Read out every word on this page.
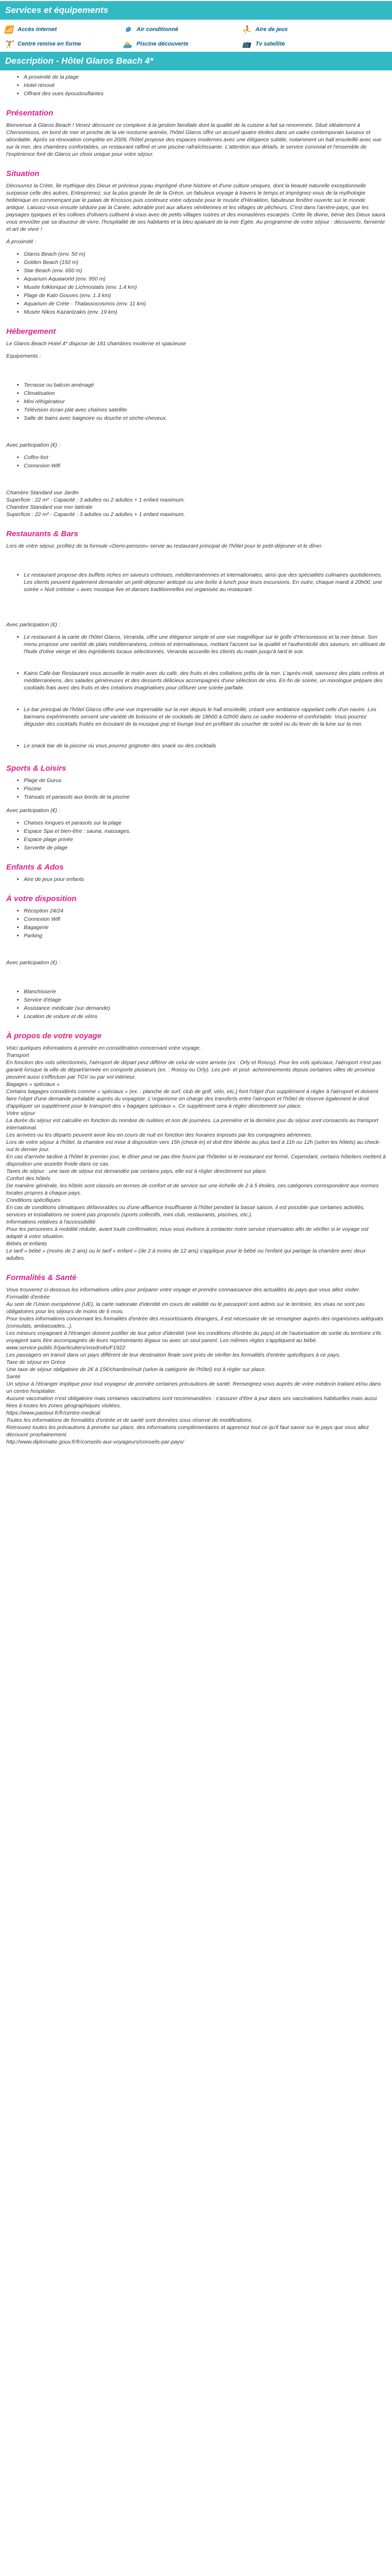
Services et équipements
📶 Accès internet	❄ Air conditionné	⛹ Aire de jeux
🏋 Centre remise en forme	🏊 Piscine découverte	📺 Tv satellite
Description - Hôtel Glaros Beach 4*
• A proximité de la plage
• Hotel rénové
• Offrant des vues époustouflantes
Présentation

Bienvenue à Glaros Beach ! Venez découvrir ce complexe à la gestion familiale dont la qualité de la cuisine a fait sa renommée. Situé idéalement à Chersonissos, en bord de mer et proche de la vie nocturne animée, l'hôtel Glaros offre un accueil quatre étoiles dans un cadre contemporain luxueux et abordable. Après sa rénovation complète en 2009, l'hôtel propose des espaces modernes avec une élégance subtile, notamment un hall ensoleillé avec vue sur la mer, des chambres confortables, un restaurant raffiné et une piscine rafraîchissante. L'attention aux détails, le service convivial et l'ensemble de l'expérience font de Glaros un choix unique pour votre séjour.

Situation

Découvrez la Crète, île mythique des Dieux et précieux joyau imprégné d'une histoire et d'une culture uniques, dont la beauté naturelle exceptionnelle surpasse celle des autres. Entreprenez, sur la plus grande île de la Grèce, un fabuleux voyage à travers le temps et imprégnez-vous de la mythologie hellénique en commençant par le palais de Knossos puis continuez votre odyssée pour le musée d'Héraklion, fabuleuse fenêtre ouverte sur le monde antique. Laissez-vous ensuite séduire par la Canée, adorable port aux allures vénitiennes et les villages de pêcheurs. C'est dans l'arrière-pays, que les paysages typiques et les collines d'oliviers cultivent à vous avec de petits villages rustres et des monastères escarpés. Cette île divine, bénie des Dieux saura vous envoûter par sa douceur de vivre, l'hospitalité de ses habitants et la bleu apaisant de la mer Égée. Au programme de votre séjour : découverte, farniente et art de vivre !

À proximité :

• Glaros Beach (env. 50 m)
• Golden Beach (150 m)
• Star Beach (env. 650 m)
• Aquarium Aquaworld (env. 950 m)
• Musée folklorique de Lichnostatis (env. 1.4 km)
• Plage de Kato Gouves (env. 1.3 km)
• Aquarium de Crète - Thalassocosmos (env. 11 km)
• Musée Nikos Kazantzakis (env. 19 km)
Hébergement

Le Glaros Beach Hotel 4* dispose de 181 chambres moderne et spacieuse

Equipements :

• Terrasse ou balcon aménagé
• Climatisation
• Mini réfrigérateur
• Télévision écran plat avec chaînes satellite
• Salle de bains avec baignoire ou douche et sèche-cheveux.

Avec participation (€) :

• Coffre-fort
• Connexion Wifi

Chambre Standard vue Jardin

Superficie : 22 m² - Capacité : 3 adultes ou 2 adultes + 1 enfant maximum.

Chambre Standard vue mer latérale

Superficie : 22 m² - Capacité : 3 adultes ou 2 adultes + 1 enfant maximum.

Restaurants & Bars

Lors de votre séjour, profitez de la formule «Demi-pension» servie au restaurant principal de l'hôtel pour le petit-déjeuner et le dîner.

• Le restaurant propose des buffets riches en saveurs crétoises, méditerranéennes et internationales, ainsi que des spécialités culinaires quotidiennes. Les clients peuvent également demander un petit-déjeuner anticipé ou une boîte à lunch pour leurs excursions. En outre, chaque mardi à 20h00, une soirée « Nuit crétoise » avec musique live et danses traditionnelles est organisée au restaurant.

Avec participation (€) :

• Le restaurant à la carte de l'hôtel Glaros, Veranda, offre une élégance simple et une vue magnifique sur le golfe d'Hersonissos et la mer bleue. Son menu propose une variété de plats méditerranéens, crétois et internationaux, mettant l'accent sur la qualité et l'authenticité des saveurs, en utilisant de l'huile d'olive vierge et des ingrédients locaux sélectionnés. Veranda accueille les clients du matin jusqu'à tard le soir.
• Kairoi Café-bar Restaurant vous accueille le matin avec du café, des fruits et des collations prêts de la mer. L'après-midi, savourez des plats crétois et méditerranéens, des salades généreuses et des desserts délicieux accompagnés d'une sélection de vins. En fin de soirée, un mixologue prépare des cocktails frais avec des fruits et des créations imaginatives pour clôturer une soirée parfaite.
• Le bar principal de l'hôtel Glaros offre une vue imprenable sur la mer depuis le hall ensoleillé, créant une ambiance rappelant celle d'un navire. Les barmans expérimentés servent une variété de boissons et de cocktails de 18h00 à 02h00 dans ce cadre moderne et confortable. Vous pourrez déguster des cocktails fruités en écoutant de la musique pop et lounge tout en profitant du coucher de soleil ou du lever de la lune sur la mer.
• Le snack bar de la piscine où vous pourrez grignoter des snack ou des cocktails
Sports & Loisirs
• Plage de Gurus
• Piscine
• Transats et parasols aux bords de la piscine

Avec participation (€) :

• Chaises longues et parasols sur la plage
• Espace Spa et bien-être : sauna, massages.
• Espace plage privée
• Serviette de plage
Enfants & Ados
• Aire de jeux pour enfants
À votre disposition
• Réception 24/24
• Connexion Wifi
• Bagagerie
• Parking

Avec participation (€) :

• Blanchisserie
• Service d'étage
• Assistance médicale (sur demande)
• Location de voiture et de vélos
À propos de votre voyage

Voici quelques informations à prendre en considération concernant votre voyage.

Transport

En fonction des vols sélectionnés, l'aéroport de départ peut différer de celui de votre arrivée (ex : Orly et Roissy). Pour les vols spéciaux, l'aéroport n'est pas garanti lorsque la ville de départ/arrivée en comporte plusieurs (ex. : Roissy ou Orly). Les pré- et post- acheminements depuis certaines villes de province peuvent aussi s'effectuer par TGV ou par vol intérieur.

Bagages « spéciaux »

Certains bagages considérés comme « spéciaux » (ex. : planche de surf, club de golf, vélo, etc.) font l'objet d'un supplément à régler à l'aéroport et doivent faire l'objet d'une demande préalable auprès du voyagiste. L'organisme en charge des transferts entre l'aéroport et l'hôtel de réserve également le droit d'appliquer un supplément pour le transport des « bagages spéciaux ». Ce supplément sera à régler directement sur place.

Votre séjour

La durée du séjour est calculée en fonction du nombre de nuitées et non de journées. La première et la dernière jour du séjour sont consacrés au transport international.

Les arrivées ou les départs peuvent avoir lieu en cours de nuit en fonction des horaires imposés par les compagnies aériennes.

Lors de votre séjour à l'hôtel, la chambre est mise à disposition vers 15h (check-in) et doit être libérée au plus tard à 11h ou 12h (selon les hôtels) au check-out le dernier jour.

En cas d'arrivée tardive à l'hôtel le premier jour, le dîner peut ne pas être fourni par l'hôtelier si le restaurant est fermé. Cependant, certains hôteliers mettent à disposition une assiette froide dans ce cas.

Taxes de séjour : une taxe de séjour est demandée par certains pays, elle est à régler directement sur place.

Confort des hôtels

De manière générale, les hôtels sont classés en termes de confort et de service sur une échelle de 2 à 5 étoiles, ces catégories correspondent aux normes locales propres à chaque pays.

Conditions spécifiques

En cas de conditions climatiques défavorables ou d'une affluence insuffisante à l'hôtel pendant la basse saison, il est possible que certaines activités, services et installations ne soient pas proposés (sports collectifs, mini club, restaurants, piscines, etc.).

Informations relatives à l'accessibilité

Pour les personnes à mobilité réduite, avant toute confirmation, nous vous invitons à contacter notre service réservation afin de vérifier si le voyage est adapté à votre situation.

Bébés et enfants

Le tarif « bébé » (moins de 2 ans) ou le tarif « enfant » (de 2 à moins de 12 ans) s'applique pour le bébé ou l'enfant qui partage la chambre avec deux adultes.

Formalités & Santé

Vous trouverez ci-dessous les informations utiles pour préparer votre voyage et prendre connaissance des actualités du pays que vous allez visiter.

Formalité d'entrée

Au sein de l'Union européenne (UE), la carte nationale d'identité en cours de validité ou le passeport sont admis sur le territoire, les visas ne sont pas obligatoires pour les séjours de moins de 6 mois.

Pour toutes informations concernant les formalités d'entrée des ressortissants étrangers, il est nécessaire de se renseigner auprès des organismes adéquats (consulats, ambassades...).

Les mineurs voyageant à l'étranger doivent justifier de leur pièce d'identité (voir les conditions d'entrée du pays) et de l'autorisation de sortie du territoire s'ils voyagent sans être accompagnés de leurs représentants légaux ou avec un seul parent. Les mêmes règles s'appliquent au bébé.

www.service-public.fr/particuliers/vosdroits/F1922

Les passagers en transit dans un pays différent de leur destination finale sont priés de vérifier les formalités d'entrée spécifiques à ce pays.

Taxe de séjour en Grèce

Une taxe de séjour obligatoire de 2€ à 15€/chambre/nuit (selon la catégorie de l'hôtel) est à régler sur place.

Santé

Un séjour à l'étranger implique pour tout voyageur de prendre certaines précautions de santé. Renseignez-vous auprès de votre médecin traitant et/ou dans un centre hospitalier.

Aucune vaccination n'est obligatoire mais certaines vaccinations sont recommandées : s'assurer d'être à jour dans ses vaccinations habituelles mais aussi liées à toutes les zones géographiques visitées.

https://www.pasteur.fr/fr/centre-medical

Toutes les informations de formalités d'entrée et de santé sont données sous réserve de modifications.

Retrouvez toutes les précautions à prendre sur place, des informations complémentaires et apprenez tout ce qu'il faut savoir sur le pays que vous allez découvrir prochainement.

http://www.diplomatie.gouv.fr/fr/conseils-aux-voyageurs/conseils-par-pays/
